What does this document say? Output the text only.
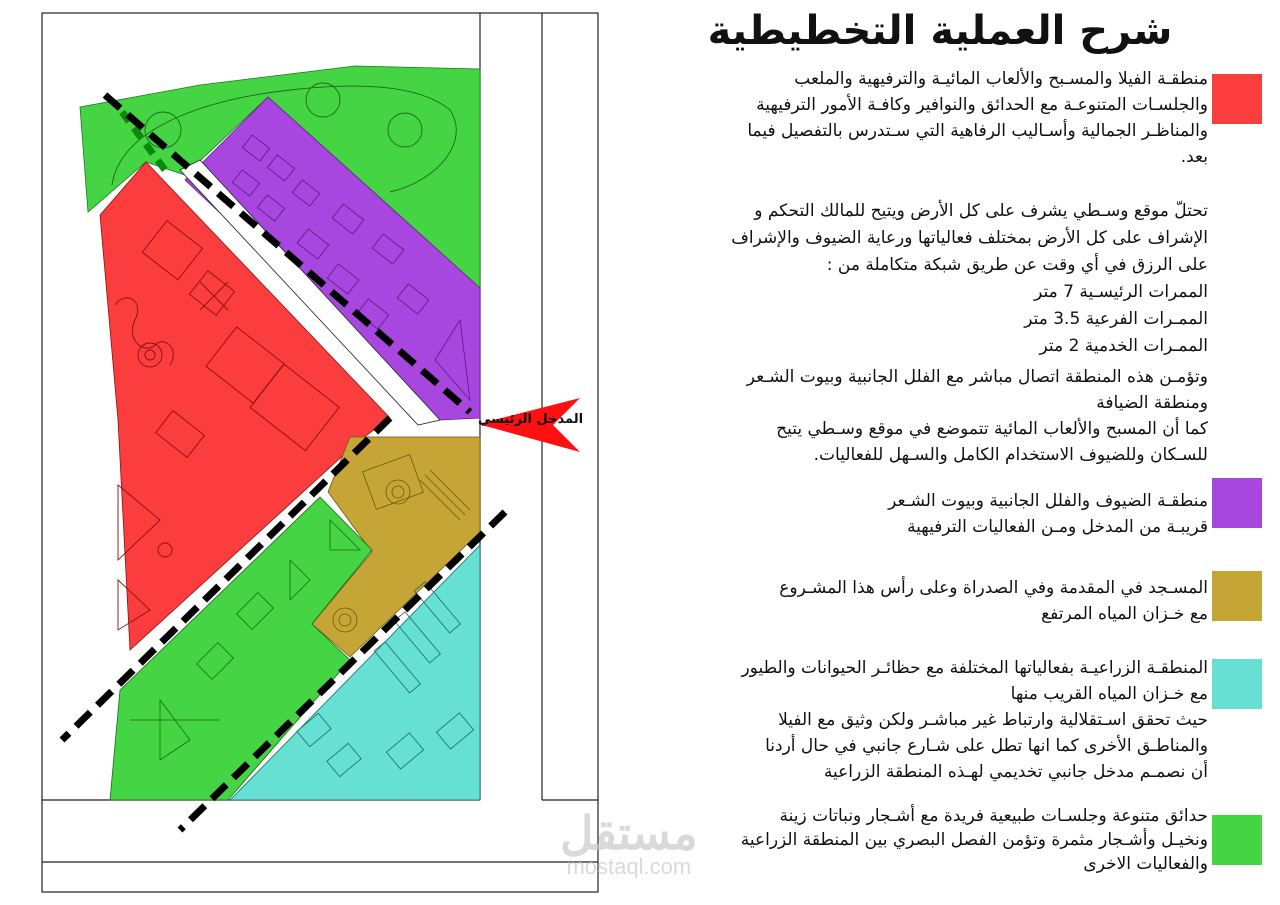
المدخل الرئيسي
شرح العملية التخطيطية
منطقـة الفيلا والمسـبح والألعاب المائيـة والترفيهية والملعب
والجلسـات المتنوعـة مع الحدائق والنوافير وكافـة الأمور الترفيهية
والمناظـر الجمالية وأسـاليب الرفاهية التي سـتدرس بالتفصيل فيما
بعد.
تحتلّ موقع وسـطي يشرف على كل الأرض ويتيح للمالك التحكم و
الإشراف على كل الأرض بمختلف فعالياتها ورعاية الضيوف والإشراف
على الرزق في أي وقت عن طريق شبكة متكاملة من :
الممرات الرئيسـية 7 متر
الممـرات الفرعية 3.5 متر
الممـرات الخدمية 2 متر
وتؤمـن هذه المنطقة اتصال مباشر مع الفلل الجانبية وبيوت الشـعر
ومنطقة الضيافة
كما أن المسبح والألعاب المائية تتموضع في موقع وسـطي يتيح
للسـكان وللضيوف الاستخدام الكامل والسـهل للفعاليات.
منطقـة الضيوف والفلل الجانبية وبيوت الشـعر
قريبـة من المدخل ومـن الفعاليات الترفيهية
المسـجد في المقدمة وفي الصدراة وعلى رأس هذا المشـروع
مع خـزان المياه المرتفع
المنطقـة الزراعيـة بفعالياتها المختلفة مع حظائـر الحيوانات والطيور
مع خـزان المياه القريب منها
حيث تحقق اسـتقلالية وارتباط غير مباشـر ولكن وثيق مع الفيلا
والمناطـق الأخرى كما انها تطل على شـارع جانبي في حال أردنا
أن نصمـم مدخل جانبي تخديمي لهـذه المنطقة الزراعية
حدائق متنوعة وجلسـات طبيعية فريدة مع أشـجار ونباتات زينة
ونخيـل وأشـجار مثمرة وتؤمن الفصل البصري بين المنطقة الزراعية
والفعاليات الاخرى
مستقل
mostaql.com
